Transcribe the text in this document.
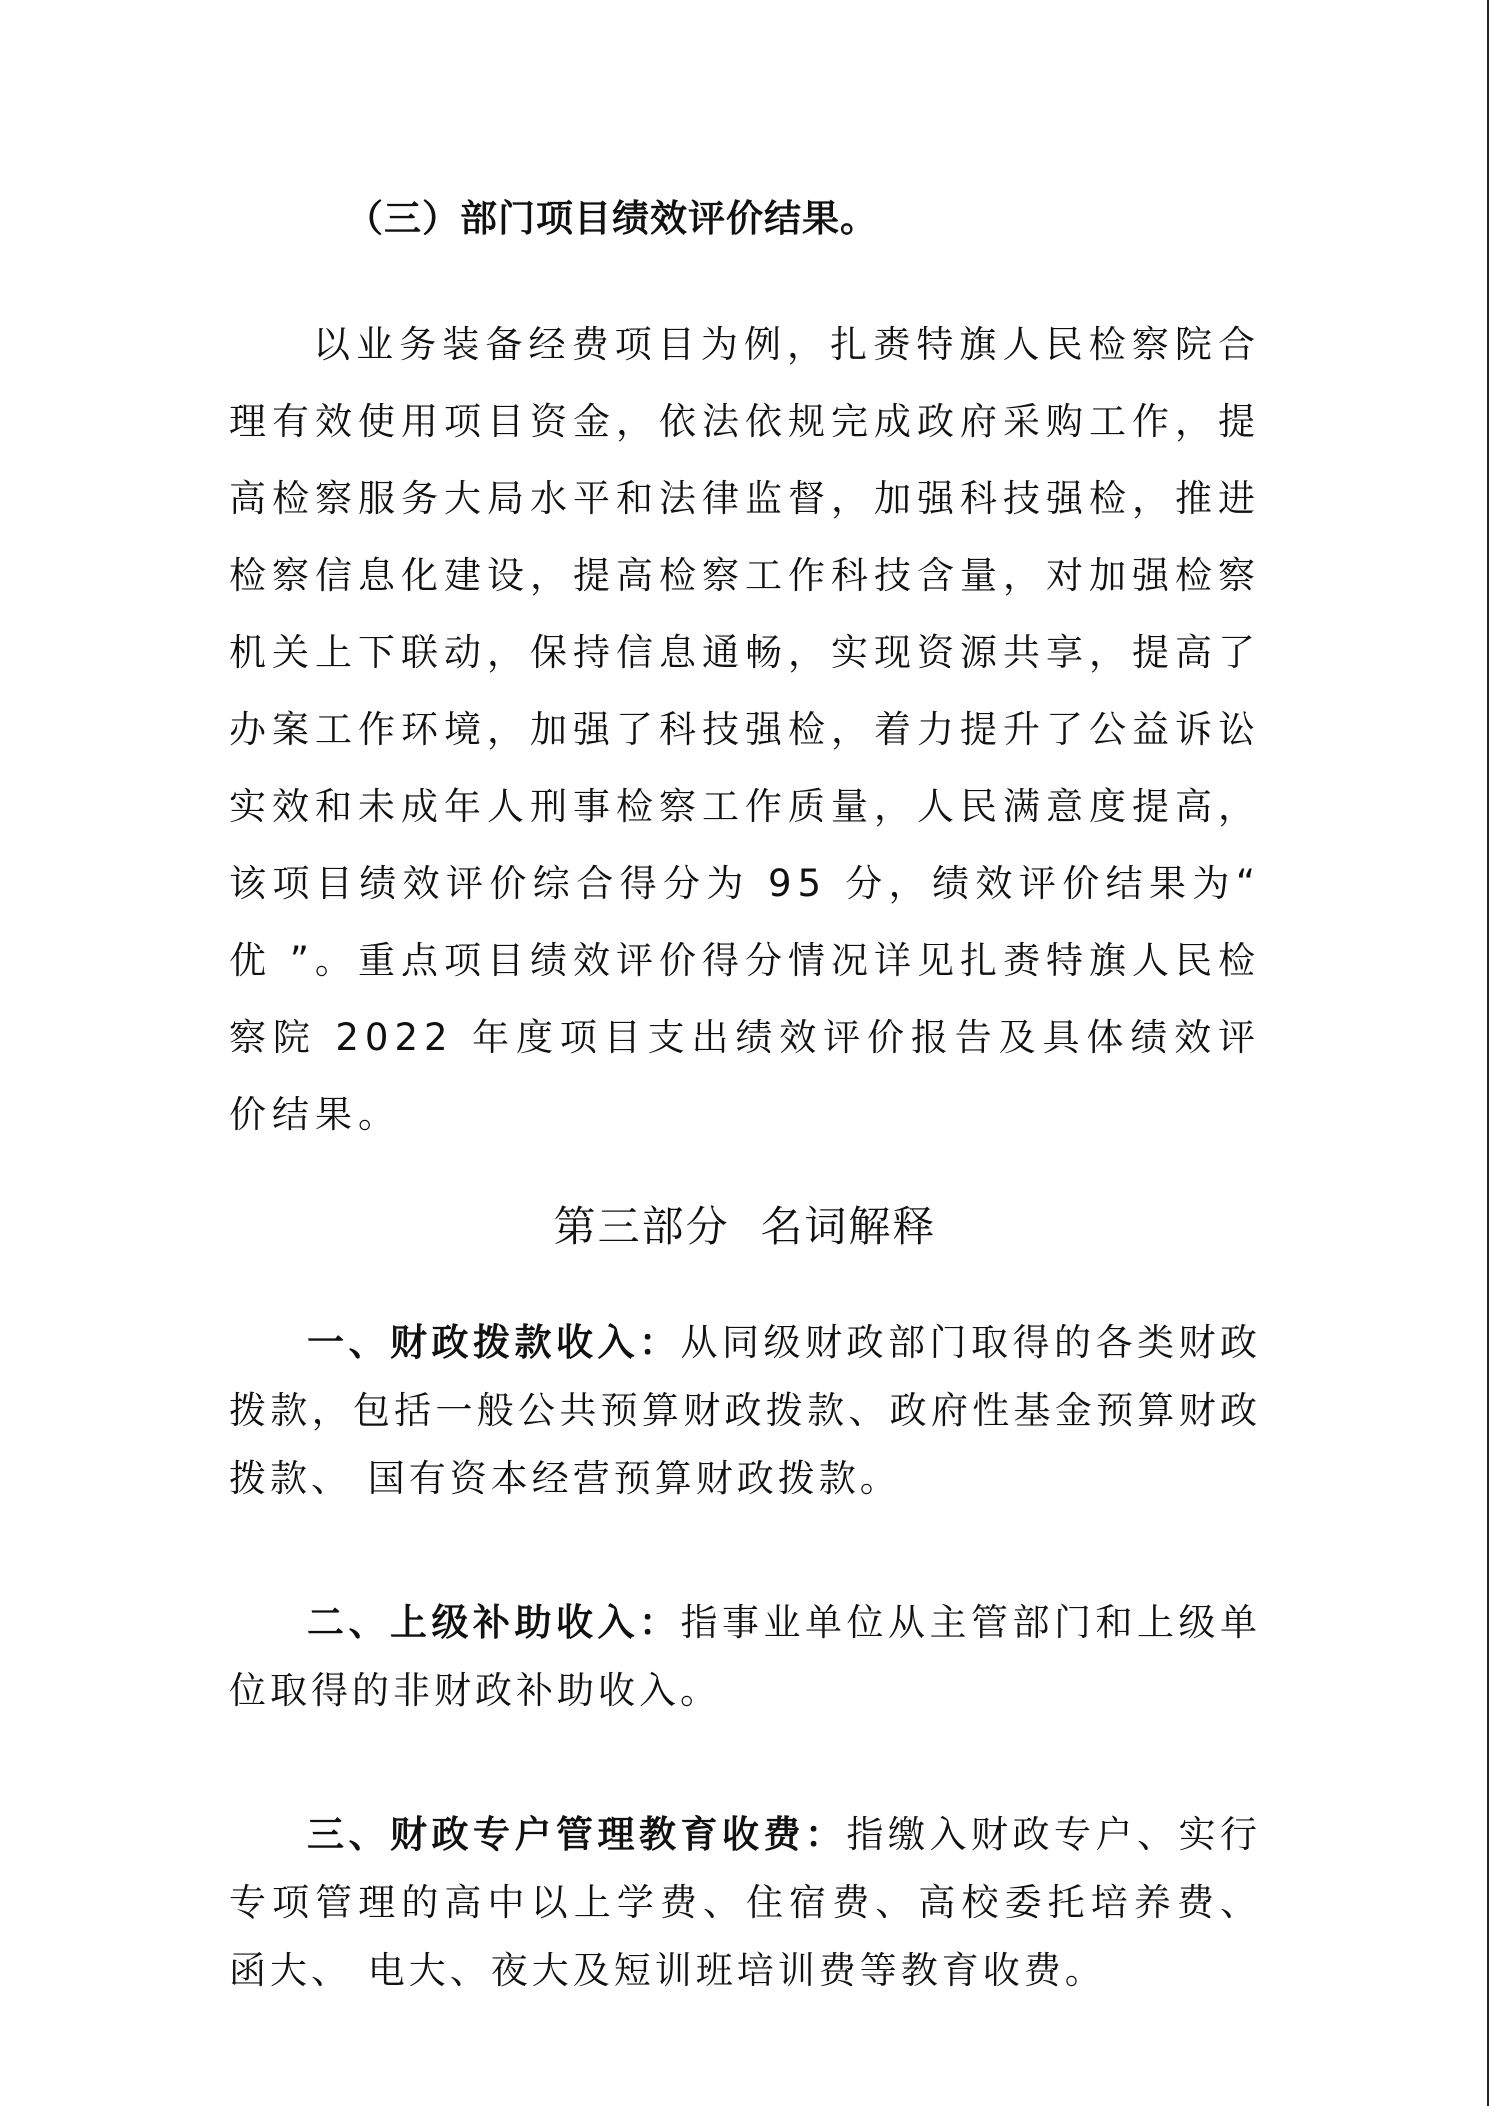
（三）部门项目绩效评价结果。

以业务装备经费项目为例，扎赉特旗人民检察院合理有效使用项目资金，依法依规完成政府采购工作，提高检察服务大局水平和法律监督，加强科技强检，推进检察信息化建设，提高检察工作科技含量，对加强检察机关上下联动，保持信息通畅，实现资源共享，提高了办案工作环境，加强了科技强检，着力提升了公益诉讼实效和未成年人刑事检察工作质量，人民满意度提高，该项目绩效评价综合得分为 95 分，绩效评价结果为“ 优 ”。重点项目绩效评价得分情况详见扎赉特旗人民检察院 2022 年度项目支出绩效评价报告及具体绩效评价结果。

第三部分  名词解释

一、财政拨款收入：从同级财政部门取得的各类财政拨款，包括一般公共预算财政拨款、政府性基金预算财政拨款、 国有资本经营预算财政拨款。

二、上级补助收入：指事业单位从主管部门和上级单位取得的非财政补助收入。

三、财政专户管理教育收费：指缴入财政专户、实行专项管理的高中以上学费、住宿费、高校委托培养费、 函大、 电大、夜大及短训班培训费等教育收费。
